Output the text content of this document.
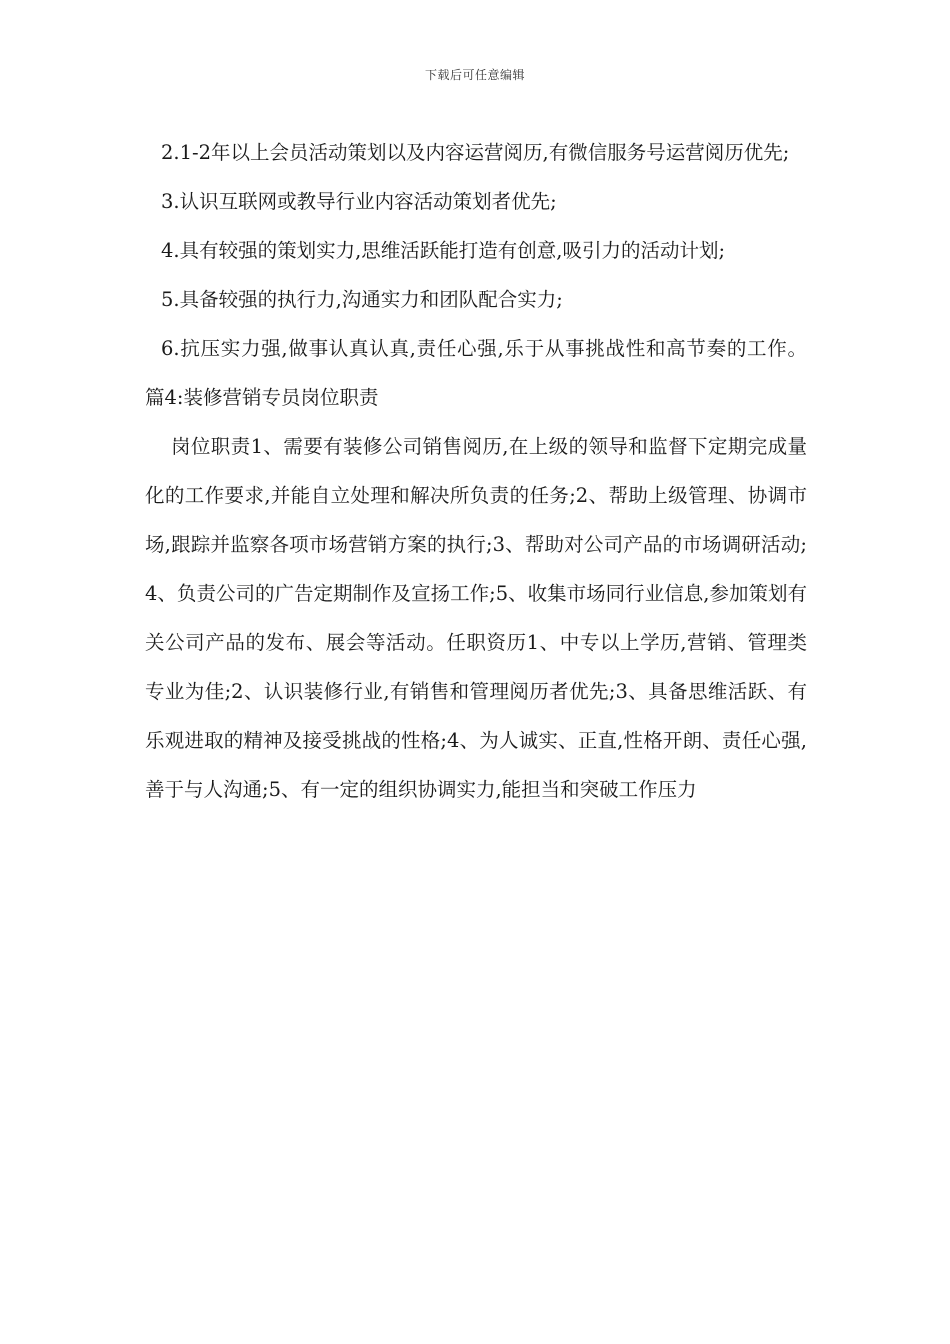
下载后可任意编辑

2.1-2年以上会员活动策划以及内容运营阅历,有微信服务号运营阅历优先;

3.认识互联网或教导行业内容活动策划者优先;

4.具有较强的策划实力,思维活跃能打造有创意,吸引力的活动计划;

5.具备较强的执行力,沟通实力和团队配合实力;

6.抗压实力强,做事认真认真,责任心强,乐于从事挑战性和高节奏的工作。 篇4:装修营销专员岗位职责

岗位职责1、需要有装修公司销售阅历,在上级的领导和监督下定期完成量化的工作要求,并能自立处理和解决所负责的任务;2、帮助上级管理、协调市场,跟踪并监察各项市场营销方案的执行;3、帮助对公司产品的市场调研活动;4、负责公司的广告定期制作及宣扬工作;5、收集市场同行业信息,参加策划有关公司产品的发布、展会等活动。任职资历1、中专以上学历,营销、管理类专业为佳;2、认识装修行业,有销售和管理阅历者优先;3、具备思维活跃、有乐观进取的精神及接受挑战的性格;4、为人诚实、正直,性格开朗、责任心强,善于与人沟通;5、有一定的组织协调实力,能担当和突破工作压力
